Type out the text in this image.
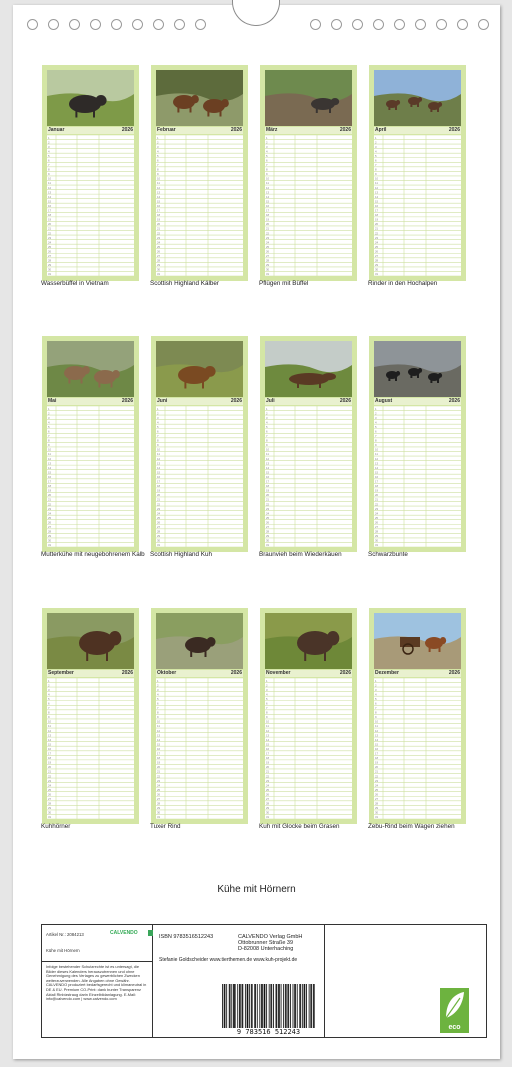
Januar	2026
1
2
3
4
5
6
7
8
9
10
11
12
13
14
15
16
17
18
19
20
21
22
23
24
25
26
27
28
29
30
31
Wasserbüffel in Vietnam
Februar	2026
1
2
3
4
5
6
7
8
9
10
11
12
13
14
15
16
17
18
19
20
21
22
23
24
25
26
27
28
29
30
31
Scottish Highland Kälber
März	2026
1
2
3
4
5
6
7
8
9
10
11
12
13
14
15
16
17
18
19
20
21
22
23
24
25
26
27
28
29
30
31
Pflügen mit Büffel
April	2026
1
2
3
4
5
6
7
8
9
10
11
12
13
14
15
16
17
18
19
20
21
22
23
24
25
26
27
28
29
30
31
Rinder in den Hochalpen
Mai	2026
1
2
3
4
5
6
7
8
9
10
11
12
13
14
15
16
17
18
19
20
21
22
23
24
25
26
27
28
29
30
31
Mutterkühe mit neugebohrenem Kalb
Juni	2026
1
2
3
4
5
6
7
8
9
10
11
12
13
14
15
16
17
18
19
20
21
22
23
24
25
26
27
28
29
30
31
Scottish Highland Kuh
Juli	2026
1
2
3
4
5
6
7
8
9
10
11
12
13
14
15
16
17
18
19
20
21
22
23
24
25
26
27
28
29
30
31
Braunvieh beim Wiederkäuen
August	2026
1
2
3
4
5
6
7
8
9
10
11
12
13
14
15
16
17
18
19
20
21
22
23
24
25
26
27
28
29
30
31
Schwarzbunte
September	2026
1
2
3
4
5
6
7
8
9
10
11
12
13
14
15
16
17
18
19
20
21
22
23
24
25
26
27
28
29
30
31
Kuhhörner
Oktober	2026
1
2
3
4
5
6
7
8
9
10
11
12
13
14
15
16
17
18
19
20
21
22
23
24
25
26
27
28
29
30
31
Tuxer Rind
November	2026
1
2
3
4
5
6
7
8
9
10
11
12
13
14
15
16
17
18
19
20
21
22
23
24
25
26
27
28
29
30
31
Kuh mit Glocke beim Grasen
Dezember	2026
1
2
3
4
5
6
7
8
9
10
11
12
13
14
15
16
17
18
19
20
21
22
23
24
25
26
27
28
29
30
31
Zebu-Rind beim Wagen ziehen
Kühe mit Hörnern
Artikel Nr.: 2084213	CALVENDO
Kühe mit Hörnern
Infolge bestehender Schutzrechte ist es untersagt, die Bilder dieses Kalenders herauszutrennen und ohne Genehmigung des Verlages zu gewerblichen Zwecken weiterzuverwenden. Alle Angaben ohne Gewähr. CALVENDO produziert bedarfsgerecht und klimaneutral in DE & EU. Premium CO-Print: dank bunter Transparenz Aktall Rinbizstraug darin Einzelbildanlagung. E-Mail: info@calvendo.com | www.calvendo.com
ISBN 9783516512243	CALVENDO Verlag GmbH
Ottobrunner Straße 39
D-82008 Unterhaching
Stefanie Goldscheider www.tierthemen.de www.kuh-projekt.de
9 783516 512243
eco
